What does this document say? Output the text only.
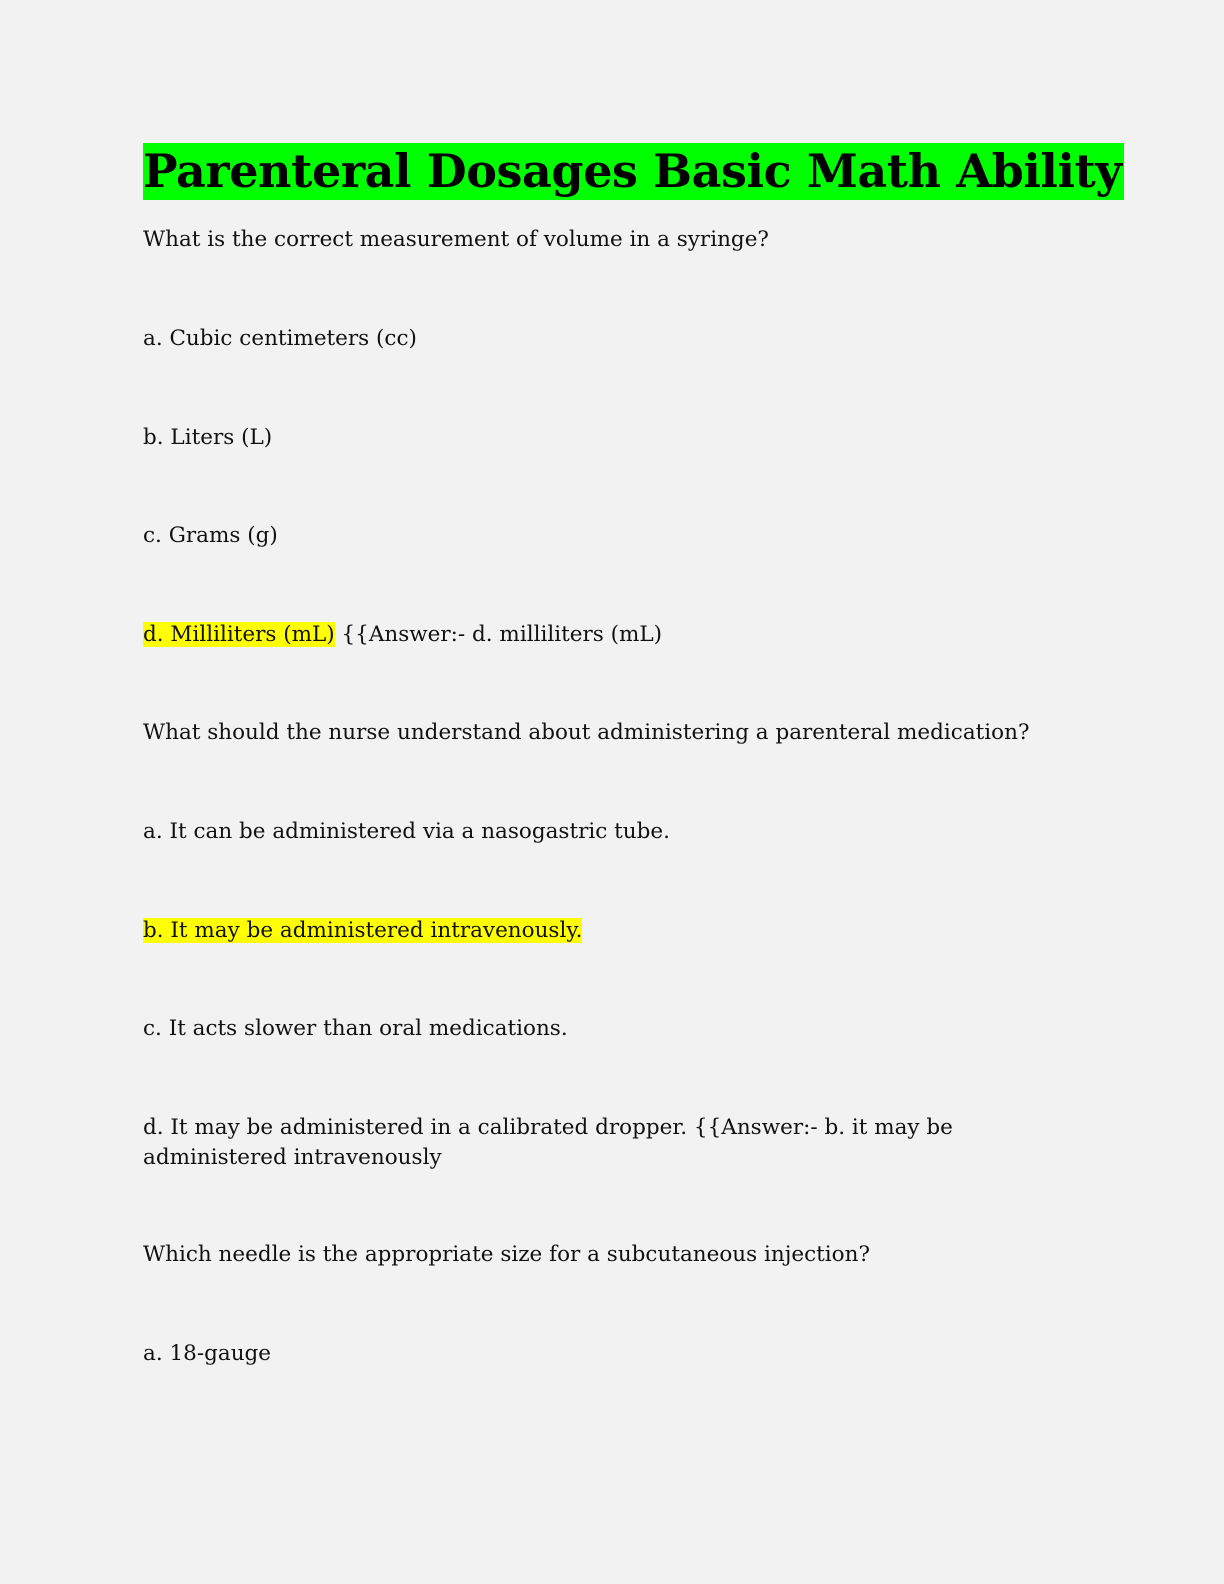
Parenteral Dosages Basic Math Ability

What is the correct measurement of volume in a syringe?

a. Cubic centimeters (cc)

b. Liters (L)

c. Grams (g)

d. Milliliters (mL) {{Answer:- d. milliliters (mL)

What should the nurse understand about administering a parenteral medication?

a. It can be administered via a nasogastric tube.

b. It may be administered intravenously.

c. It acts slower than oral medications.

d. It may be administered in a calibrated dropper. {{Answer:- b. it may be administered intravenously

Which needle is the appropriate size for a subcutaneous injection?

a. 18-gauge
